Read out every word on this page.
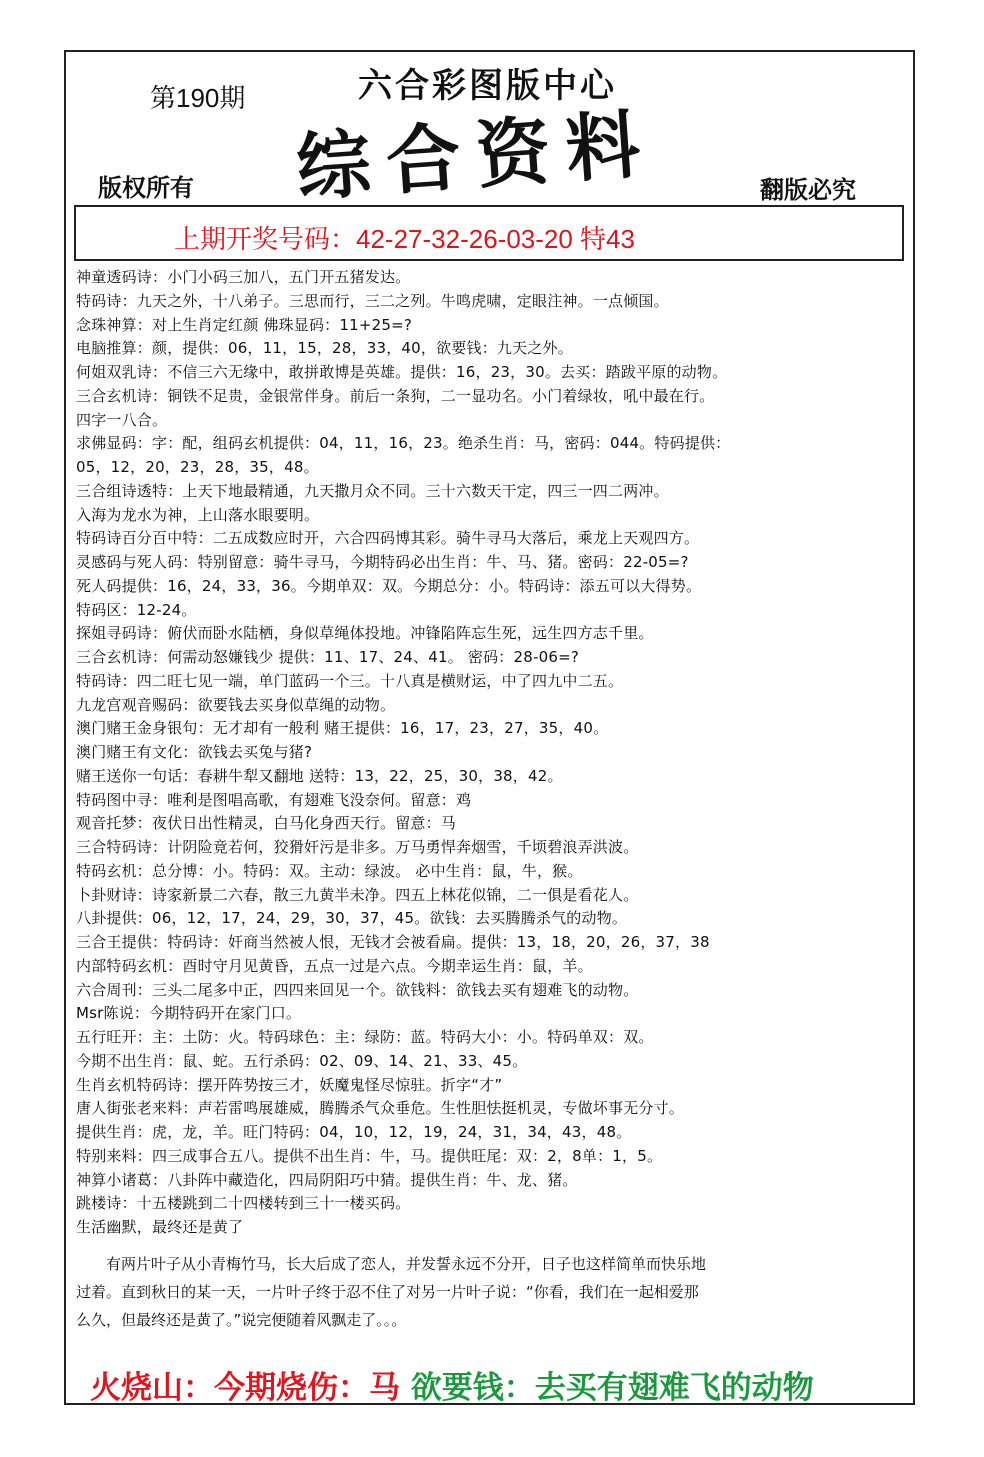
第190期	六合彩图版中心
综合资料
版权所有	翻版必究
上期开奖号码：42-27-32-26-03-20 特43
神童透码诗：小门小码三加八，五门开五猪发达。
特码诗：九天之外，十八弟子。三思而行，三二之列。牛鸣虎啸，定眼注神。一点倾国。
念珠神算：对上生肖定红颜 佛珠显码：11+25=?
电脑推算：颜，提供：06，11，15，28，33，40，欲要钱：九天之外。
何姐双乳诗：不信三六无缘中，敢拼敢博是英雄。提供：16，23，30。去买：踏跋平原的动物。
三合玄机诗：铜铁不足贵，金银常伴身。前后一条狗，二一显功名。小门着绿妆，吼中最在行。
四字一八合。
求佛显码：字：配，组码玄机提供：04，11，16，23。绝杀生肖：马，密码：044。特码提供：
05，12，20，23，28，35，48。
三合组诗透特：上天下地最精通，九天撒月众不同。三十六数天干定，四三一四二两冲。
入海为龙水为神，上山落水眼要明。
特码诗百分百中特：二五成数应时开，六合四码博其彩。骑牛寻马大落后，乘龙上天观四方。
灵感码与死人码：特别留意：骑牛寻马，今期特码必出生肖：牛、马、猪。密码：22-05=?
死人码提供：16，24，33，36。今期单双：双。今期总分：小。特码诗：添五可以大得势。
特码区：12-24。
探姐寻码诗：俯伏而卧水陆栖，身似草绳体投地。冲锋陷阵忘生死，远生四方志千里。
三合玄机诗：何需动怒嫌钱少 提供：11、17、24、41。 密码：28-06=?
特码诗：四二旺七见一端，单门蓝码一个三。十八真是横财运，中了四九中二五。
九龙宫观音赐码：欲要钱去买身似草绳的动物。
澳门赌王金身银句：无才却有一般利 赌王提供：16，17，23，27，35，40。
澳门赌王有文化：欲钱去买兔与猪?
赌王送你一句话：春耕牛犁又翻地 送特：13，22，25，30，38，42。
特码图中寻：唯利是图唱高歌，有翅难飞没奈何。留意：鸡
观音托梦：夜伏日出性精灵，白马化身西天行。留意：马
三合特码诗：计阴险竟若何，狡猾奸污是非多。万马勇悍奔烟雪，千顷碧浪弄洪波。
特码玄机：总分博：小。特码：双。主动：绿波。 必中生肖：鼠，牛，猴。
卜卦财诗：诗家新景二六春，散三九黄半未净。四五上林花似锦，二一俱是看花人。
八卦提供：06，12，17，24，29，30，37，45。欲钱：去买腾腾杀气的动物。
三合王提供：特码诗：奸商当然被人恨，无钱才会被看扁。提供：13，18，20，26，37，38
内部特码玄机：酉时守月见黄昏，五点一过是六点。今期幸运生肖：鼠，羊。
六合周刊：三头二尾多中正，四四来回见一个。欲钱料：欲钱去买有翅难飞的动物。
Msr陈说：今期特码开在家门口。
五行旺开：主：土防：火。特码球色：主：绿防：蓝。特码大小：小。特码单双：双。
今期不出生肖：鼠、蛇。五行杀码：02、09、14、21、33、45。
生肖玄机特码诗：摆开阵势按三才，妖魔鬼怪尽惊驻。折字“才”
唐人街张老来料：声若雷鸣展雄威，腾腾杀气众垂危。生性胆怯挺机灵，专做坏事无分寸。
提供生肖：虎，龙，羊。旺门特码：04，10，12，19，24，31，34，43，48。
特别来料：四三成事合五八。提供不出生肖：牛，马。提供旺尾：双：2，8单：1，5。
神算小诸葛：八卦阵中藏造化，四局阴阳巧中猜。提供生肖：牛、龙、猪。
跳楼诗：十五楼跳到二十四楼转到三十一楼买码。
生活幽默，最终还是黄了
　　有两片叶子从小青梅竹马，长大后成了恋人，并发誓永远不分开，日子也这样简单而快乐地
过着。直到秋日的某一天，一片叶子终于忍不住了对另一片叶子说：“你看，我们在一起相爱那
么久，但最终还是黄了。”说完便随着风飘走了。。。
火烧山：今期烧伤：马 欲要钱：去买有翅难飞的动物
